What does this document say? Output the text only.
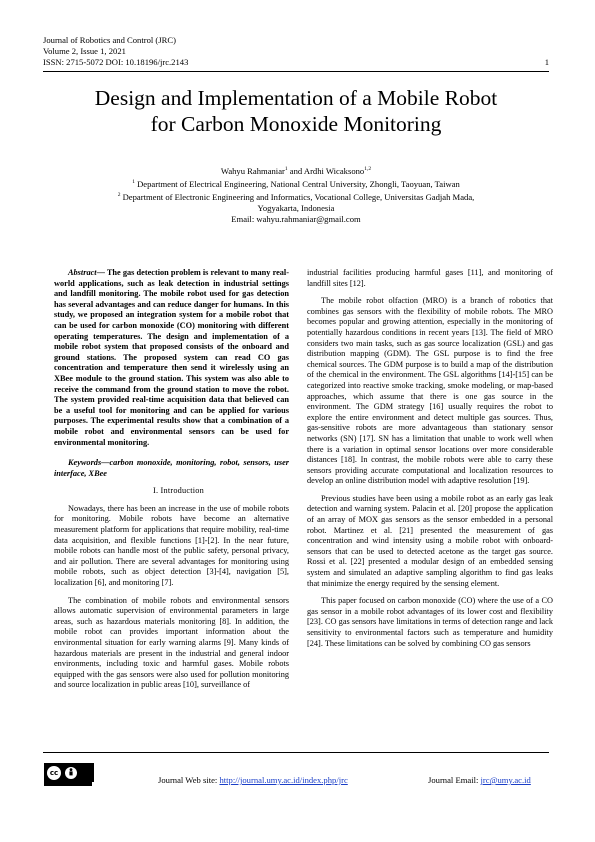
Journal of Robotics and Control (JRC)
Volume 2, Issue 1, 2021
ISSN: 2715-5072 DOI: 10.18196/jrc.2143	1
Design and Implementation of a Mobile Robot
for Carbon Monoxide Monitoring
Wahyu Rahmaniar$^1$ and Ardhi Wicaksono$^{1,2}$
$^1$ Department of Electrical Engineering, National Central University, Zhongli, Taoyuan, Taiwan
$^2$ Department of Electronic Engineering and Informatics, Vocational College, Universitas Gadjah Mada,
Yogyakarta, Indonesia
Email: wahyu.rahmaniar@gmail.com

Abstract— The gas detection problem is relevant to many real-world applications, such as leak detection in industrial settings and landfill monitoring. The mobile robot used for gas detection has several advantages and can reduce danger for humans. In this study, we proposed an integration system for a mobile robot that can be used for carbon monoxide (CO) monitoring with different operating temperatures. The design and implementation of a mobile robot system that proposed consists of the onboard and ground stations. The proposed system can read CO gas concentration and temperature then send it wirelessly using an XBee module to the ground station. This system was also able to receive the command from the ground station to move the robot. The system provided real-time acquisition data that believed can be a useful tool for monitoring and can be applied for various purposes. The experimental results show that a combination of a mobile robot and environmental sensors can be used for environmental monitoring.

Keywords—carbon monoxide, monitoring, robot, sensors, user interface, XBee

I. Introduction

Nowadays, there has been an increase in the use of mobile robots for monitoring. Mobile robots have become an alternative measurement platform for applications that require mobility, real-time data acquisition, and flexible functions [1]-[2]. In the near future, mobile robots can handle most of the public safety, personal privacy, and air pollution. There are several advantages for monitoring using mobile robots, such as object detection [3]-[4], navigation [5], localization [6], and monitoring [7].

The combination of mobile robots and environmental sensors allows automatic supervision of environmental parameters in large areas, such as hazardous materials monitoring [8]. In addition, the mobile robot can provides important information about the environmental situation for early warning alarms [9]. Many kinds of hazardous materials are present in the industrial and general indoor environments, including toxic and harmful gases. Mobile robots equipped with the gas sensors were also used for pollution monitoring and source localization in public areas [10], surveillance of

industrial facilities producing harmful gases [11], and monitoring of landfill sites [12].

The mobile robot olfaction (MRO) is a branch of robotics that combines gas sensors with the flexibility of mobile robots. The MRO becomes popular and growing attention, especially in the monitoring of potentially hazardous conditions in recent years [13]. The field of MRO considers two main tasks, such as gas source localization (GSL) and gas distribution mapping (GDM). The GSL purpose is to find the free chemical sources. The GDM purpose is to build a map of the distribution of the chemical in the environment. The GSL algorithms [14]-[15] can be categorized into reactive smoke tracking, smoke modeling, or map-based approaches, which assume that there is one gas source in the environment. The GDM strategy [16] usually requires the robot to explore the entire environment and detect multiple gas sources. Thus, gas-sensitive robots are more advantageous than stationary sensor networks (SN) [17]. SN has a limitation that unable to work well when there is a variation in optimal sensor locations over more considerable distances [18]. In contrast, the mobile robots were able to carry these sensors providing accurate computational and localization resources to develop an online distribution model with adaptive resolution [19].

Previous studies have been using a mobile robot as an early gas leak detection and warning system. Palacin et al. [20] propose the application of an array of MOX gas sensors as the sensor embedded in a personal robot. Martinez et al. [21] presented the measurement of gas concentration and wind intensity using a mobile robot with onboard-sensors that can be used to detected acetone as the target gas source. Rossi et al. [22] presented a modular design of an embedded sensing system and simulated an adaptive sampling algorithm to find gas leaks that minimize the energy required by the sensing element.

This paper focused on carbon monoxide (CO) where the use of a CO gas sensor in a mobile robot advantages of its lower cost and flexibility [23]. CO gas sensors have limitations in terms of detection range and lack sensitivity to environmental factors such as temperature and humidity [24]. These limitations can be solved by combining CO gas sensors

cc
Journal Web site: http://journal.umy.ac.id/index.php/jrc	Journal Email: jrc@umy.ac.id
